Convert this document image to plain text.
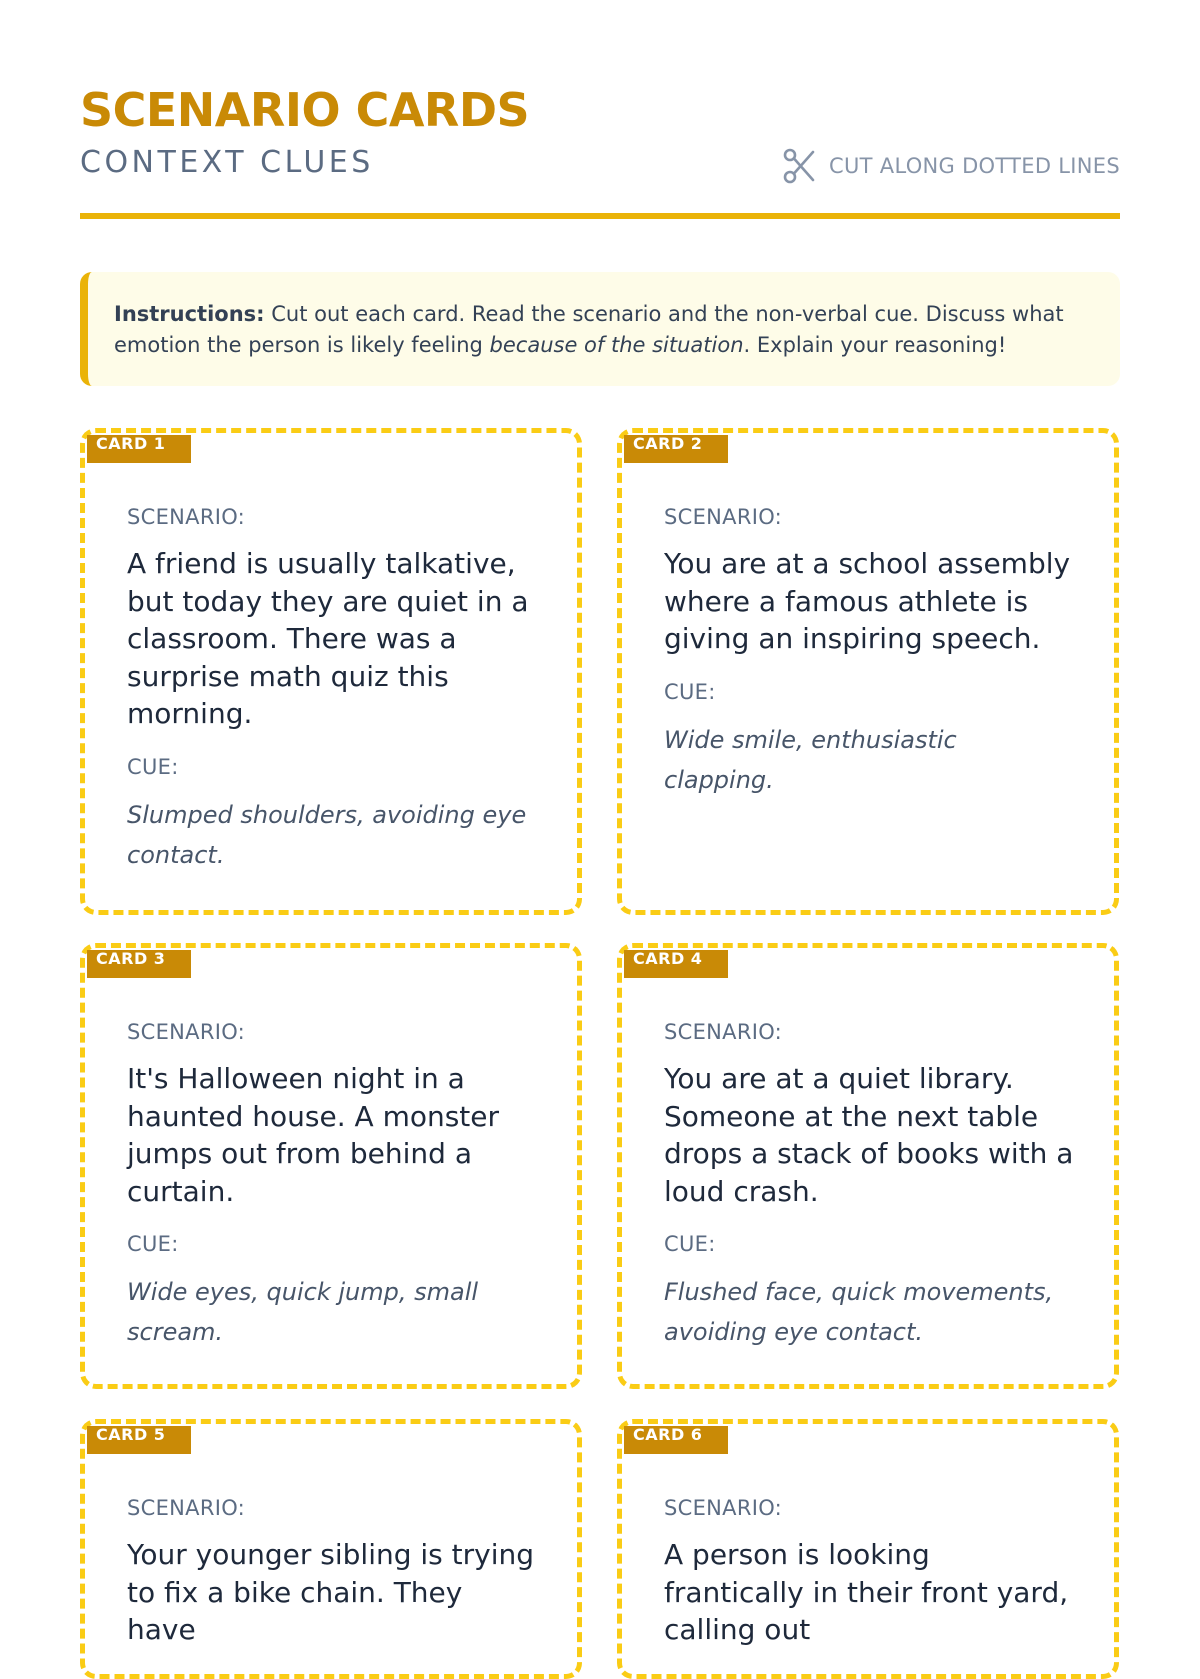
SCENARIO CARDS
CONTEXT CLUES	CUT ALONG DOTTED LINES
Instructions: Cut out each card. Read the scenario and the non-verbal cue. Discuss what emotion the person is likely feeling because of the situation. Explain your reasoning!
CARD 1

SCENARIO:

A friend is usually talkative, but today they are quiet in a classroom. There was a surprise math quiz this morning.

CUE:

Slumped shoulders, avoiding eye contact.

CARD 2

SCENARIO:

You are at a school assembly where a famous athlete is giving an inspiring speech.

CUE:

Wide smile, enthusiastic clapping.

CARD 3

SCENARIO:

It's Halloween night in a haunted house. A monster jumps out from behind a curtain.

CUE:

Wide eyes, quick jump, small scream.

CARD 4

SCENARIO:

You are at a quiet library. Someone at the next table drops a stack of books with a loud crash.

CUE:

Flushed face, quick movements, avoiding eye contact.

CARD 5

SCENARIO:

Your younger sibling is trying to fix a bike chain. They have

CARD 6

SCENARIO:

A person is looking frantically in their front yard, calling out
